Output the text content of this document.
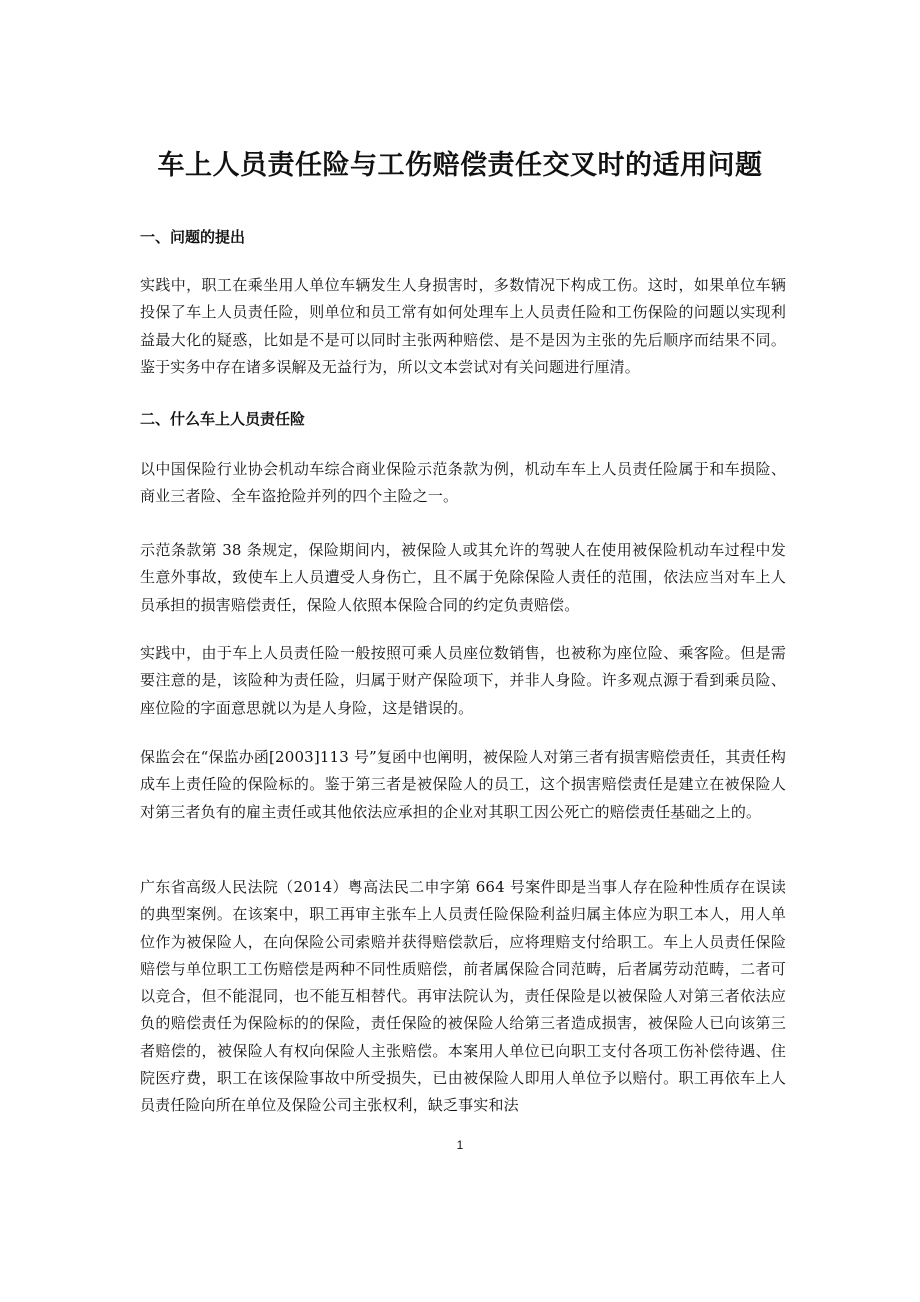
车上人员责任险与工伤赔偿责任交叉时的适用问题
一、问题的提出

实践中，职工在乘坐用人单位车辆发生人身损害时，多数情况下构成工伤。这时，如果单位车辆投保了车上人员责任险，则单位和员工常有如何处理车上人员责任险和工伤保险的问题以实现利益最大化的疑惑，比如是不是可以同时主张两种赔偿、是不是因为主张的先后顺序而结果不同。鉴于实务中存在诸多误解及无益行为，所以文本尝试对有关问题进行厘清。

二、什么车上人员责任险

以中国保险行业协会机动车综合商业保险示范条款为例，机动车车上人员责任险属于和车损险、商业三者险、全车盗抢险并列的四个主险之一。

示范条款第 38 条规定，保险期间内，被保险人或其允许的驾驶人在使用被保险机动车过程中发生意外事故，致使车上人员遭受人身伤亡，且不属于免除保险人责任的范围，依法应当对车上人员承担的损害赔偿责任，保险人依照本保险合同的约定负责赔偿。

实践中，由于车上人员责任险一般按照可乘人员座位数销售，也被称为座位险、乘客险。但是需要注意的是，该险种为责任险，归属于财产保险项下，并非人身险。许多观点源于看到乘员险、座位险的字面意思就以为是人身险，这是错误的。

保监会在“保监办函[2003]113 号”复函中也阐明，被保险人对第三者有损害赔偿责任，其责任构成车上责任险的保险标的。鉴于第三者是被保险人的员工，这个损害赔偿责任是建立在被保险人对第三者负有的雇主责任或其他依法应承担的企业对其职工因公死亡的赔偿责任基础之上的。

广东省高级人民法院（2014）粤高法民二申字第 664 号案件即是当事人存在险种性质存在误读的典型案例。在该案中，职工再审主张车上人员责任险保险利益归属主体应为职工本人，用人单位作为被保险人，在向保险公司索赔并获得赔偿款后，应将理赔支付给职工。车上人员责任保险赔偿与单位职工工伤赔偿是两种不同性质赔偿，前者属保险合同范畴，后者属劳动范畴，二者可以竞合，但不能混同，也不能互相替代。再审法院认为，责任保险是以被保险人对第三者依法应负的赔偿责任为保险标的的保险，责任保险的被保险人给第三者造成损害，被保险人已向该第三者赔偿的，被保险人有权向保险人主张赔偿。本案用人单位已向职工支付各项工伤补偿待遇、住院医疗费，职工在该保险事故中所受损失，已由被保险人即用人单位予以赔付。职工再依车上人员责任险向所在单位及保险公司主张权利，缺乏事实和法

1
